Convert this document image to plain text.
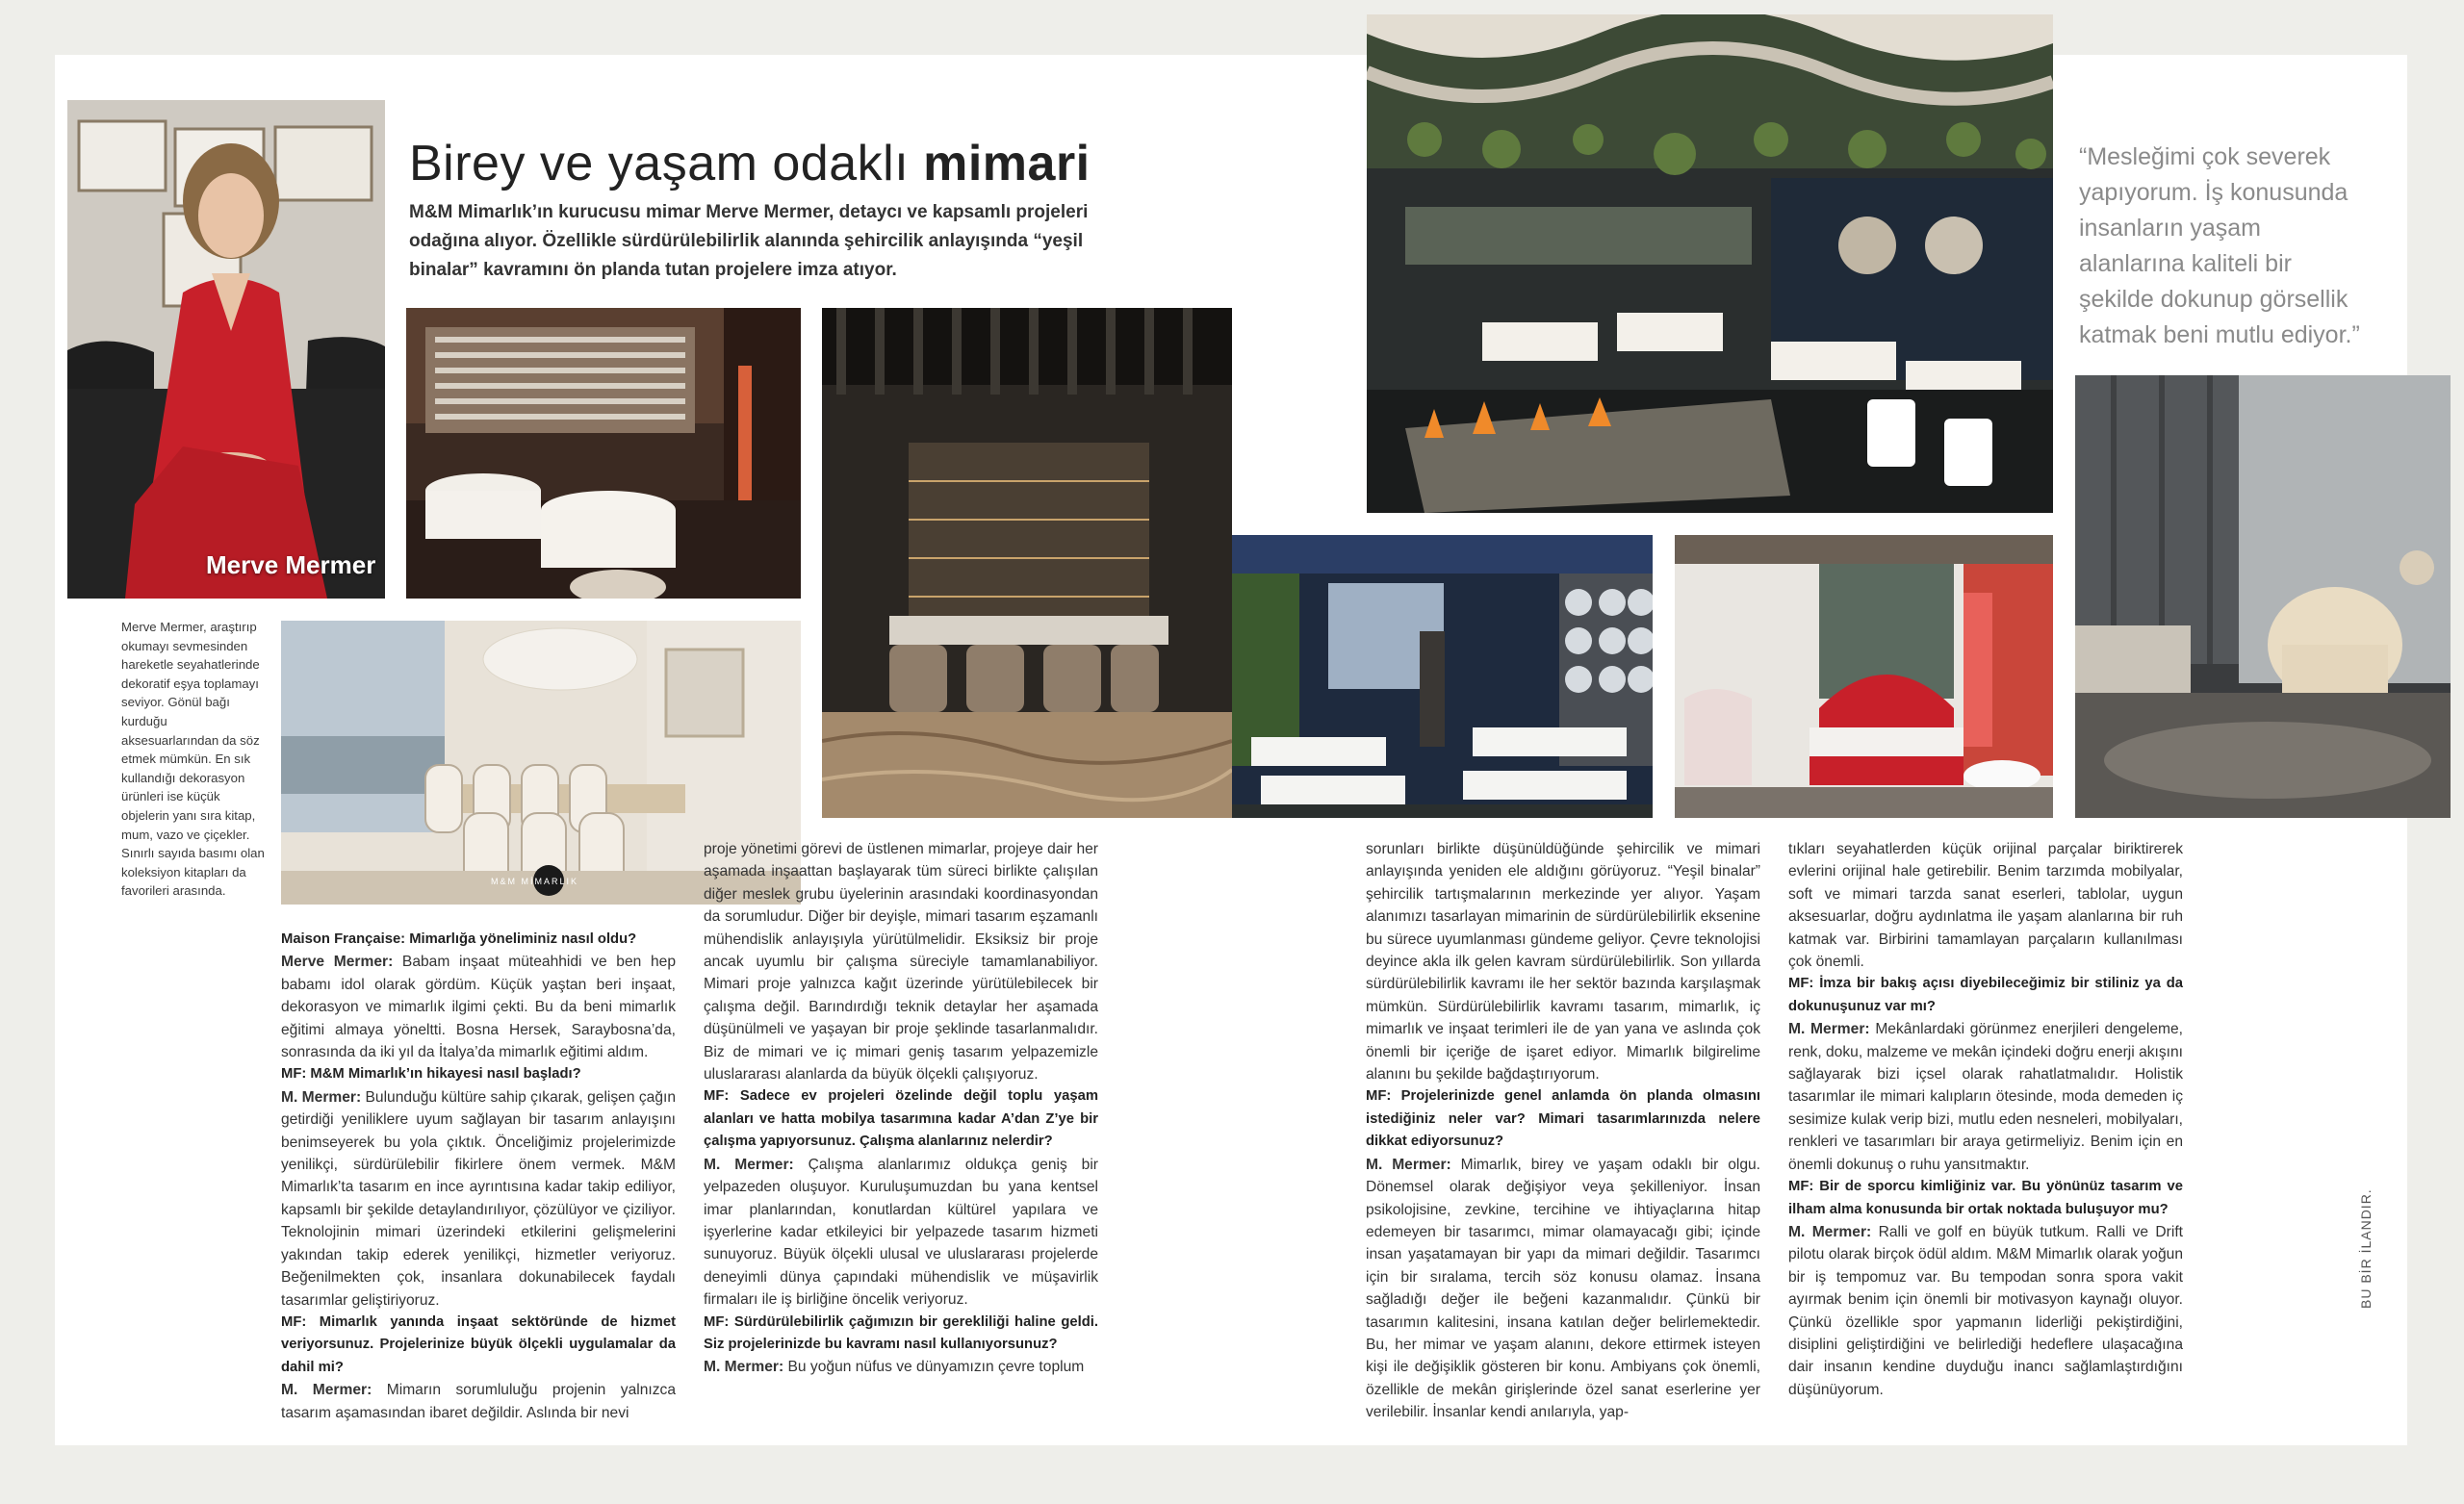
Merve Mermer
“Mesleğimi çok severek yapıyorum. İş konusunda insanların yaşam alanlarına kaliteli bir şekilde dokunup görsellik katmak beni mutlu ediyor.”
M&M MİMARLIK
Birey ve yaşam odaklı mimari
M&M Mimarlık’ın kurucusu mimar Merve Mermer, detaycı ve kapsamlı projeleri odağına alıyor. Özellikle sürdürülebilirlik alanında şehircilik anlayışında “yeşil binalar” kavramını ön planda tutan projelere imza atıyor.
Merve Mermer, araştırıp okumayı sevmesinden hareketle seyahatlerinde dekoratif eşya toplamayı seviyor. Gönül bağı kurduğu aksesuarlarından da söz etmek mümkün. En sık kullandığı dekorasyon ürünleri ise küçük objelerin yanı sıra kitap, mum, vazo ve çiçekler. Sınırlı sayıda basımı olan koleksiyon kitapları da favorileri arasında.

Maison Française: Mimarlığa yöneliminiz nasıl oldu?

Merve Mermer: Babam inşaat müteahhidi ve ben hep babamı idol olarak gördüm. Küçük yaştan beri inşaat, dekorasyon ve mimarlık ilgimi çekti. Bu da beni mimarlık eğitimi almaya yöneltti. Bosna Hersek, Saraybosna’da, sonrasında da iki yıl da İtalya’da mimarlık eğitimi aldım.

MF: M&M Mimarlık’ın hikayesi nasıl başladı?

M. Mermer: Bulunduğu kültüre sahip çıkarak, gelişen çağın getirdiği yeniliklere uyum sağlayan bir tasarım anlayışını benimseyerek bu yola çıktık. Önceliğimiz projelerimizde yenilikçi, sürdürülebilir fikirlere önem vermek. M&M Mimarlık’ta tasarım en ince ayrıntısına kadar takip ediliyor, kapsamlı bir şekilde detaylandırılıyor, çözülüyor ve çiziliyor. Teknolojinin mimari üzerindeki etkilerini gelişmelerini yakından takip ederek yenilikçi, hizmetler veriyoruz. Beğenilmekten çok, insanlara dokunabilecek faydalı tasarımlar geliştiriyoruz.

MF: Mimarlık yanında inşaat sektöründe de hizmet veriyorsunuz. Projelerinize büyük ölçekli uygulamalar da dahil mi?

M. Mermer: Mimarın sorumluluğu projenin yalnızca tasarım aşamasından ibaret değildir. Aslında bir nevi

proje yönetimi görevi de üstlenen mimarlar, projeye dair her aşamada inşaattan başlayarak tüm süreci birlikte çalışılan diğer meslek grubu üyelerinin arasındaki koordinasyondan da sorumludur. Diğer bir deyişle, mimari tasarım eşzamanlı mühendislik anlayışıyla yürütülmelidir. Eksiksiz bir proje ancak uyumlu bir çalışma süreciyle tamamlanabiliyor. Mimari proje yalnızca kağıt üzerinde yürütülebilecek bir çalışma değil. Barındırdığı teknik detaylar her aşamada düşünülmeli ve yaşayan bir proje şeklinde tasarlanmalıdır. Biz de mimari ve iç mimari geniş tasarım yelpazemizle uluslararası alanlarda da büyük ölçekli çalışıyoruz.

MF: Sadece ev projeleri özelinde değil toplu yaşam alanları ve hatta mobilya tasarımına kadar A’dan Z’ye bir çalışma yapıyorsunuz. Çalışma alanlarınız nelerdir?

M. Mermer: Çalışma alanlarımız oldukça geniş bir yelpazeden oluşuyor. Kuruluşumuzdan bu yana kentsel imar planlarından, konutlardan kültürel yapılara ve işyerlerine kadar etkileyici bir yelpazede tasarım hizmeti sunuyoruz. Büyük ölçekli ulusal ve uluslararası projelerde deneyimli dünya çapındaki mühendislik ve müşavirlik firmaları ile iş birliğine öncelik veriyoruz.

MF: Sürdürülebilirlik çağımızın bir gerekliliği haline geldi. Siz projelerinizde bu kavramı nasıl kullanıyorsunuz?

M. Mermer: Bu yoğun nüfus ve dünyamızın çevre toplum

sorunları birlikte düşünüldüğünde şehircilik ve mimari anlayışında yeniden ele aldığını görüyoruz. “Yeşil binalar” şehircilik tartışmalarının merkezinde yer alıyor. Yaşam alanımızı tasarlayan mimarinin de sürdürülebilirlik eksenine bu sürece uyumlanması gündeme geliyor. Çevre teknolojisi deyince akla ilk gelen kavram sürdürülebilirlik. Son yıllarda sürdürülebilirlik kavramı ile her sektör bazında karşılaşmak mümkün. Sürdürülebilirlik kavramı tasarım, mimarlık, iç mimarlık ve inşaat terimleri ile de yan yana ve aslında çok önemli bir içeriğe de işaret ediyor. Mimarlık bilgirelime alanını bu şekilde bağdaştırıyorum.

MF: Projelerinizde genel anlamda ön planda olmasını istediğiniz neler var? Mimari tasarımlarınızda nelere dikkat ediyorsunuz?

M. Mermer: Mimarlık, birey ve yaşam odaklı bir olgu. Dönemsel olarak değişiyor veya şekilleniyor. İnsan psikolojisine, zevkine, tercihine ve ihtiyaçlarına hitap edemeyen bir tasarımcı, mimar olamayacağı gibi; içinde insan yaşatamayan bir yapı da mimari değildir. Tasarımcı için bir sıralama, tercih söz konusu olamaz. İnsana sağladığı değer ile beğeni kazanmalıdır. Çünkü bir tasarımın kalitesini, insana katılan değer belirlemektedir. Bu, her mimar ve yaşam alanını, dekore ettirmek isteyen kişi ile değişiklik gösteren bir konu. Ambiyans çok önemli, özellikle de mekân girişlerinde özel sanat eserlerine yer verilebilir. İnsanlar kendi anılarıyla, yap-

tıkları seyahatlerden küçük orijinal parçalar biriktirerek evlerini orijinal hale getirebilir. Benim tarzımda mobilyalar, soft ve mimari tarzda sanat eserleri, tablolar, uygun aksesuarlar, doğru aydınlatma ile yaşam alanlarına bir ruh katmak var. Birbirini tamamlayan parçaların kullanılması çok önemli.

MF: İmza bir bakış açısı diyebileceğimiz bir stiliniz ya da dokunuşunuz var mı?

M. Mermer: Mekânlardaki görünmez enerjileri dengeleme, renk, doku, malzeme ve mekân içindeki doğru enerji akışını sağlayarak bizi içsel olarak rahatlatmalıdır. Holistik tasarımlar ile mimari kalıpların ötesinde, moda demeden iç sesimize kulak verip bizi, mutlu eden nesneleri, mobilyaları, renkleri ve tasarımları bir araya getirmeliyiz. Benim için en önemli dokunuş o ruhu yansıtmaktır.

MF: Bir de sporcu kimliğiniz var. Bu yönünüz tasarım ve ilham alma konusunda bir ortak noktada buluşuyor mu?

M. Mermer: Ralli ve golf en büyük tutkum. Ralli ve Drift pilotu olarak birçok ödül aldım. M&M Mimarlık olarak yoğun bir iş tempomuz var. Bu tempodan sonra spora vakit ayırmak benim için önemli bir motivasyon kaynağı oluyor. Çünkü özellikle spor yapmanın liderliği pekiştirdiğini, disiplini geliştirdiğini ve belirlediği hedeflere ulaşacağına dair insanın kendine duyduğu inancı sağlamlaştırdığını düşünüyorum.

BU BİR İLANDIR.
